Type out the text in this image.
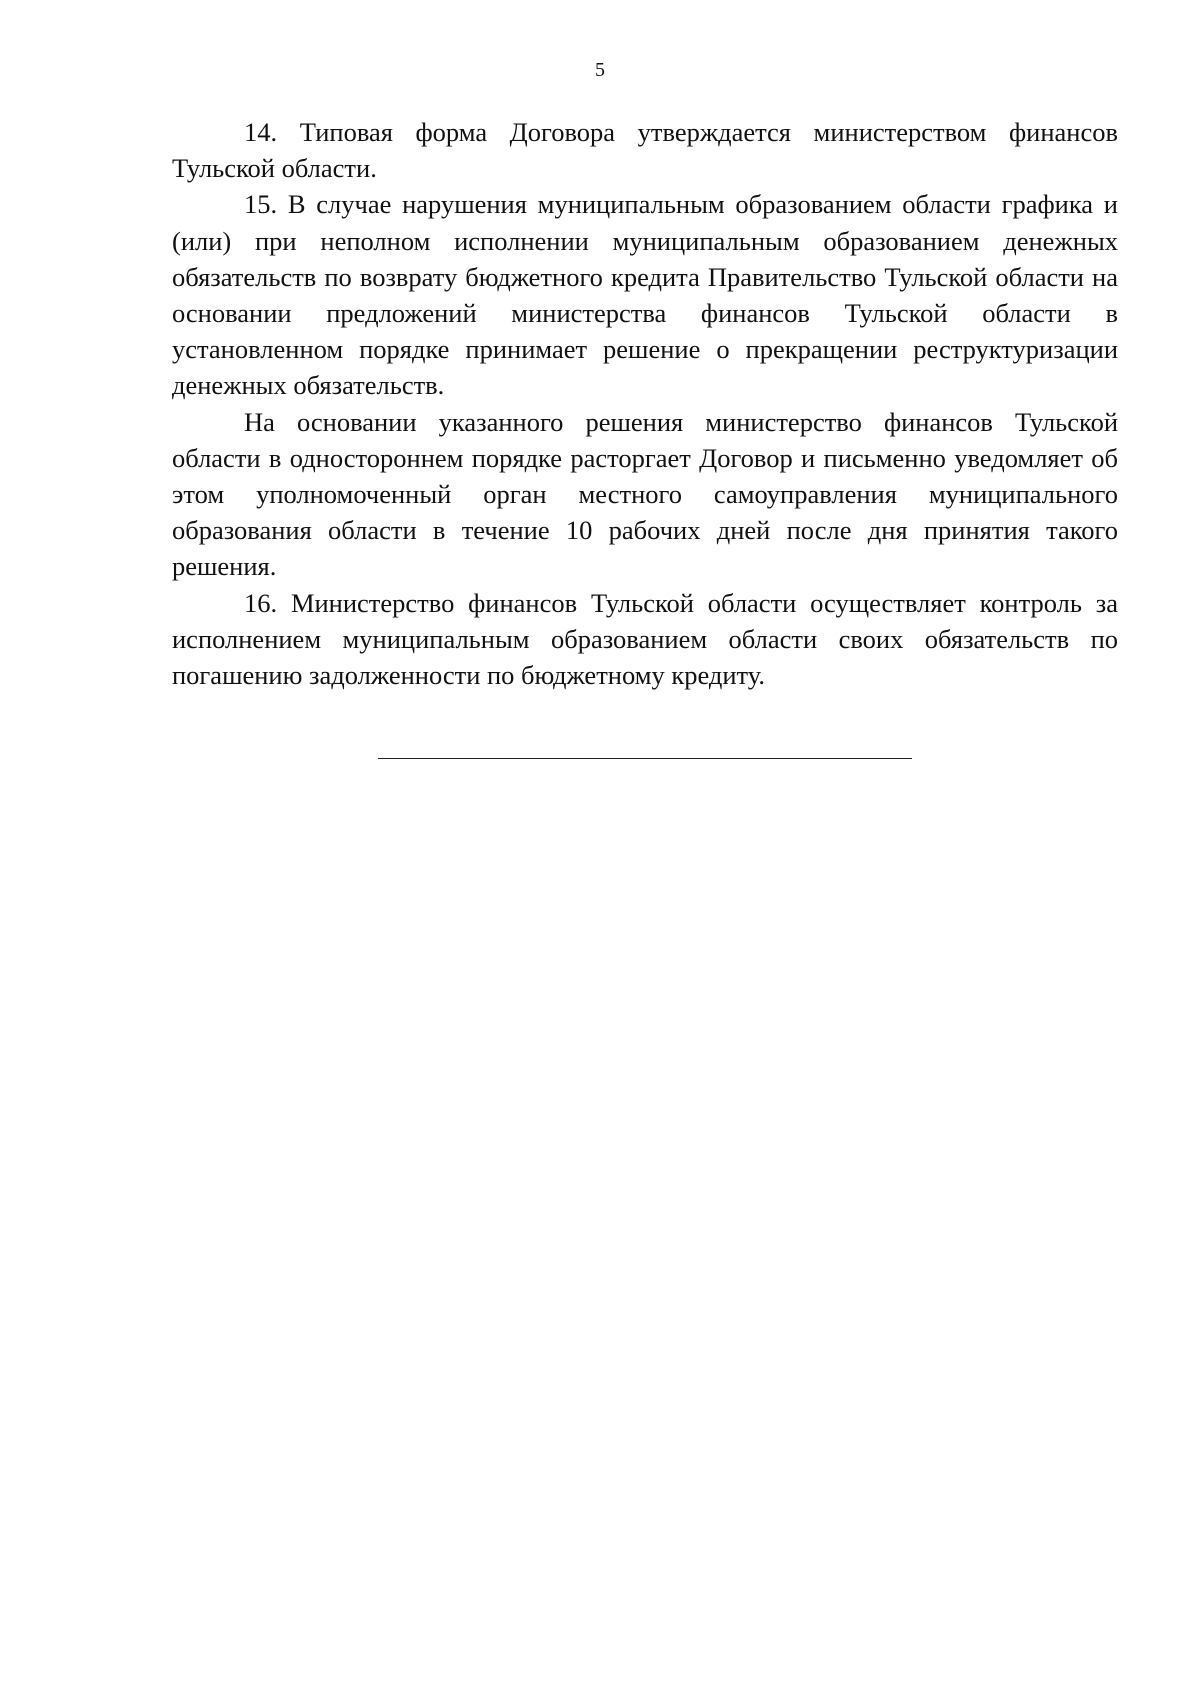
5

14. Типовая форма Договора утверждается министерством финансов Тульской области.

15. В случае нарушения муниципальным образованием области графика и (или) при неполном исполнении муниципальным образованием денежных обязательств по возврату бюджетного кредита Правительство Тульской области на основании предложений министерства финансов Тульской области в установленном порядке принимает решение о прекращении реструктуризации денежных обязательств.

На основании указанного решения министерство финансов Тульской области в одностороннем порядке расторгает Договор и письменно уведомляет об этом уполномоченный орган местного самоуправления муниципального образования области в течение 10 рабочих дней после дня принятия такого решения.

16. Министерство финансов Тульской области осуществляет контроль за исполнением муниципальным образованием области своих обязательств по погашению задолженности по бюджетному кредиту.
